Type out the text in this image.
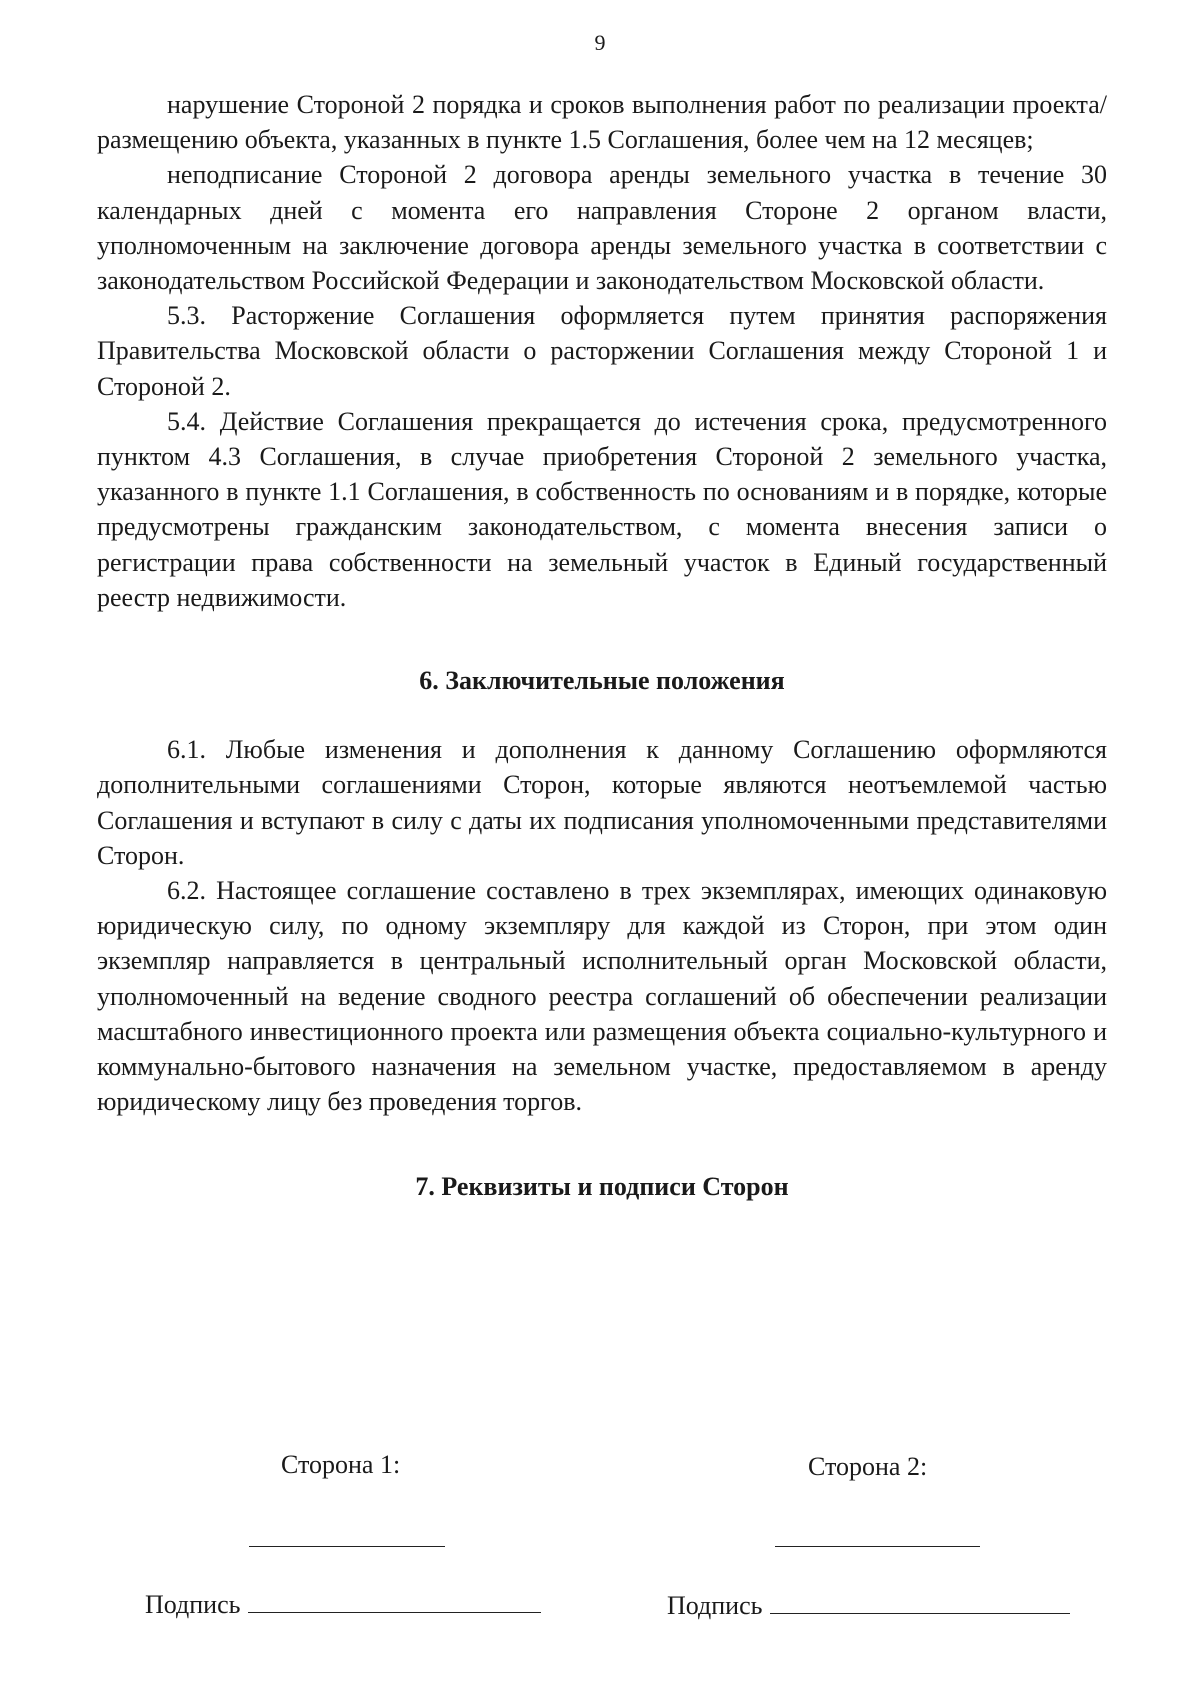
9

нарушение Стороной 2 порядка и сроков выполнения работ по реализации проекта/размещению объекта, указанных в пункте 1.5 Соглашения, более чем на 12 месяцев;

неподписание Стороной 2 договора аренды земельного участка в течение 30 календарных дней с момента его направления Стороне 2 органом власти, уполномоченным на заключение договора аренды земельного участка в соответствии с законодательством Российской Федерации и законодательством Московской области.

5.3. Расторжение Соглашения оформляется путем принятия распоряжения Правительства Московской области о расторжении Соглашения между Стороной 1 и Стороной 2.

5.4. Действие Соглашения прекращается до истечения срока, предусмотренного пунктом 4.3 Соглашения, в случае приобретения Стороной 2 земельного участка, указанного в пункте 1.1 Соглашения, в собственность по основаниям и в порядке, которые предусмотрены гражданским законодательством, с момента внесения записи о регистрации права собственности на земельный участок в Единый государственный реестр недвижимости.

6. Заключительные положения

6.1. Любые изменения и дополнения к данному Соглашению оформляются дополнительными соглашениями Сторон, которые являются неотъемлемой частью Соглашения и вступают в силу с даты их подписания уполномоченными представителями Сторон.

6.2. Настоящее соглашение составлено в трех экземплярах, имеющих одинаковую юридическую силу, по одному экземпляру для каждой из Сторон, при этом один экземпляр направляется в центральный исполнительный орган Московской области, уполномоченный на ведение сводного реестра соглашений об обеспечении реализации масштабного инвестиционного проекта или размещения объекта социально-культурного и коммунально-бытового назначения на земельном участке, предоставляемом в аренду юридическому лицу без проведения торгов.

7. Реквизиты и подписи Сторон
Сторона 1:	Сторона 2:
Подпись	Подпись
